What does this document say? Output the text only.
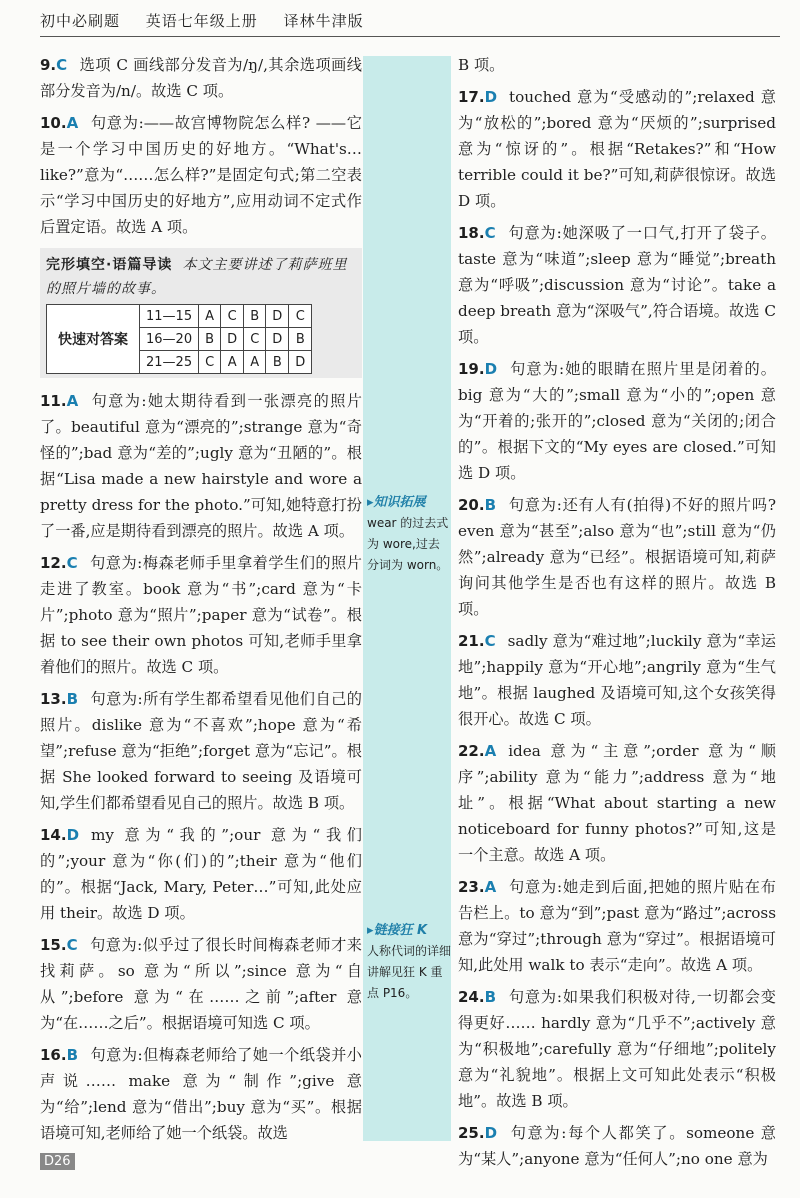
初中必刷题 英语七年级上册 译林牛津版

9.C 选项 C 画线部分发音为/ŋ/,其余选项画线部分发音为/n/。故选 C 项。

10.A 句意为:——故宫博物院怎么样? ——它是一个学习中国历史的好地方。“What's… like?”意为“……怎么样?”是固定句式;第二空表示“学习中国历史的好地方”,应用动词不定式作后置定语。故选 A 项。

完形填空·语篇导读 本文主要讲述了莉萨班里的照片墙的故事。
快速对答案	11—15	A	C	B	D	C
	16—20	B	D	C	D	B
	21—25	C	A	A	B	D

11.A 句意为:她太期待看到一张漂亮的照片了。beautiful 意为“漂亮的”;strange 意为“奇怪的”;bad 意为“差的”;ugly 意为“丑陋的”。根据“Lisa made a new hairstyle and wore a pretty dress for the photo.”可知,她特意打扮了一番,应是期待看到漂亮的照片。故选 A 项。

12.C 句意为:梅森老师手里拿着学生们的照片走进了教室。book 意为“书”;card 意为“卡片”;photo 意为“照片”;paper 意为“试卷”。根据 to see their own photos 可知,老师手里拿着他们的照片。故选 C 项。

13.B 句意为:所有学生都希望看见他们自己的照片。dislike 意为“不喜欢”;hope 意为“希望”;refuse 意为“拒绝”;forget 意为“忘记”。根据 She looked forward to seeing 及语境可知,学生们都希望看见自己的照片。故选 B 项。

14.D my 意为“我的”;our 意为“我们的”;your 意为“你(们)的”;their 意为“他们的”。根据“Jack, Mary, Peter…”可知,此处应用 their。故选 D 项。

15.C 句意为:似乎过了很长时间梅森老师才来找莉萨。so 意为“所以”;since 意为“自从”;before 意为“在……之前”;after 意为“在……之后”。根据语境可知选 C 项。

16.B 句意为:但梅森老师给了她一个纸袋并小声说…… make 意为“制作”;give 意为“给”;lend 意为“借出”;buy 意为“买”。根据语境可知,老师给了她一个纸袋。故选

▸知识拓展
wear 的过去式为 wore,过去分词为 worn。
▸链接狂 K
人称代词的详细讲解见狂 K 重点 P16。

B 项。

17.D touched 意为“受感动的”;relaxed 意为“放松的”;bored 意为“厌烦的”;surprised 意为“惊讶的”。根据“Retakes?”和“How terrible could it be?”可知,莉萨很惊讶。故选 D 项。

18.C 句意为:她深吸了一口气,打开了袋子。taste 意为“味道”;sleep 意为“睡觉”;breath 意为“呼吸”;discussion 意为“讨论”。take a deep breath 意为“深吸气”,符合语境。故选 C 项。

19.D 句意为:她的眼睛在照片里是闭着的。big 意为“大的”;small 意为“小的”;open 意为“开着的;张开的”;closed 意为“关闭的;闭合的”。根据下文的“My eyes are closed.”可知选 D 项。

20.B 句意为:还有人有(拍得)不好的照片吗? even 意为“甚至”;also 意为“也”;still 意为“仍然”;already 意为“已经”。根据语境可知,莉萨询问其他学生是否也有这样的照片。故选 B 项。

21.C sadly 意为“难过地”;luckily 意为“幸运地”;happily 意为“开心地”;angrily 意为“生气地”。根据 laughed 及语境可知,这个女孩笑得很开心。故选 C 项。

22.A idea 意为“主意”;order 意为“顺序”;ability 意为“能力”;address 意为“地址”。根据“What about starting a new noticeboard for funny photos?”可知,这是一个主意。故选 A 项。

23.A 句意为:她走到后面,把她的照片贴在布告栏上。to 意为“到”;past 意为“路过”;across 意为“穿过”;through 意为“穿过”。根据语境可知,此处用 walk to 表示“走向”。故选 A 项。

24.B 句意为:如果我们积极对待,一切都会变得更好…… hardly 意为“几乎不”;actively 意为“积极地”;carefully 意为“仔细地”;politely 意为“礼貌地”。根据上文可知此处表示“积极地”。故选 B 项。

25.D 句意为:每个人都笑了。someone 意为“某人”;anyone 意为“任何人”;no one 意为

D26
